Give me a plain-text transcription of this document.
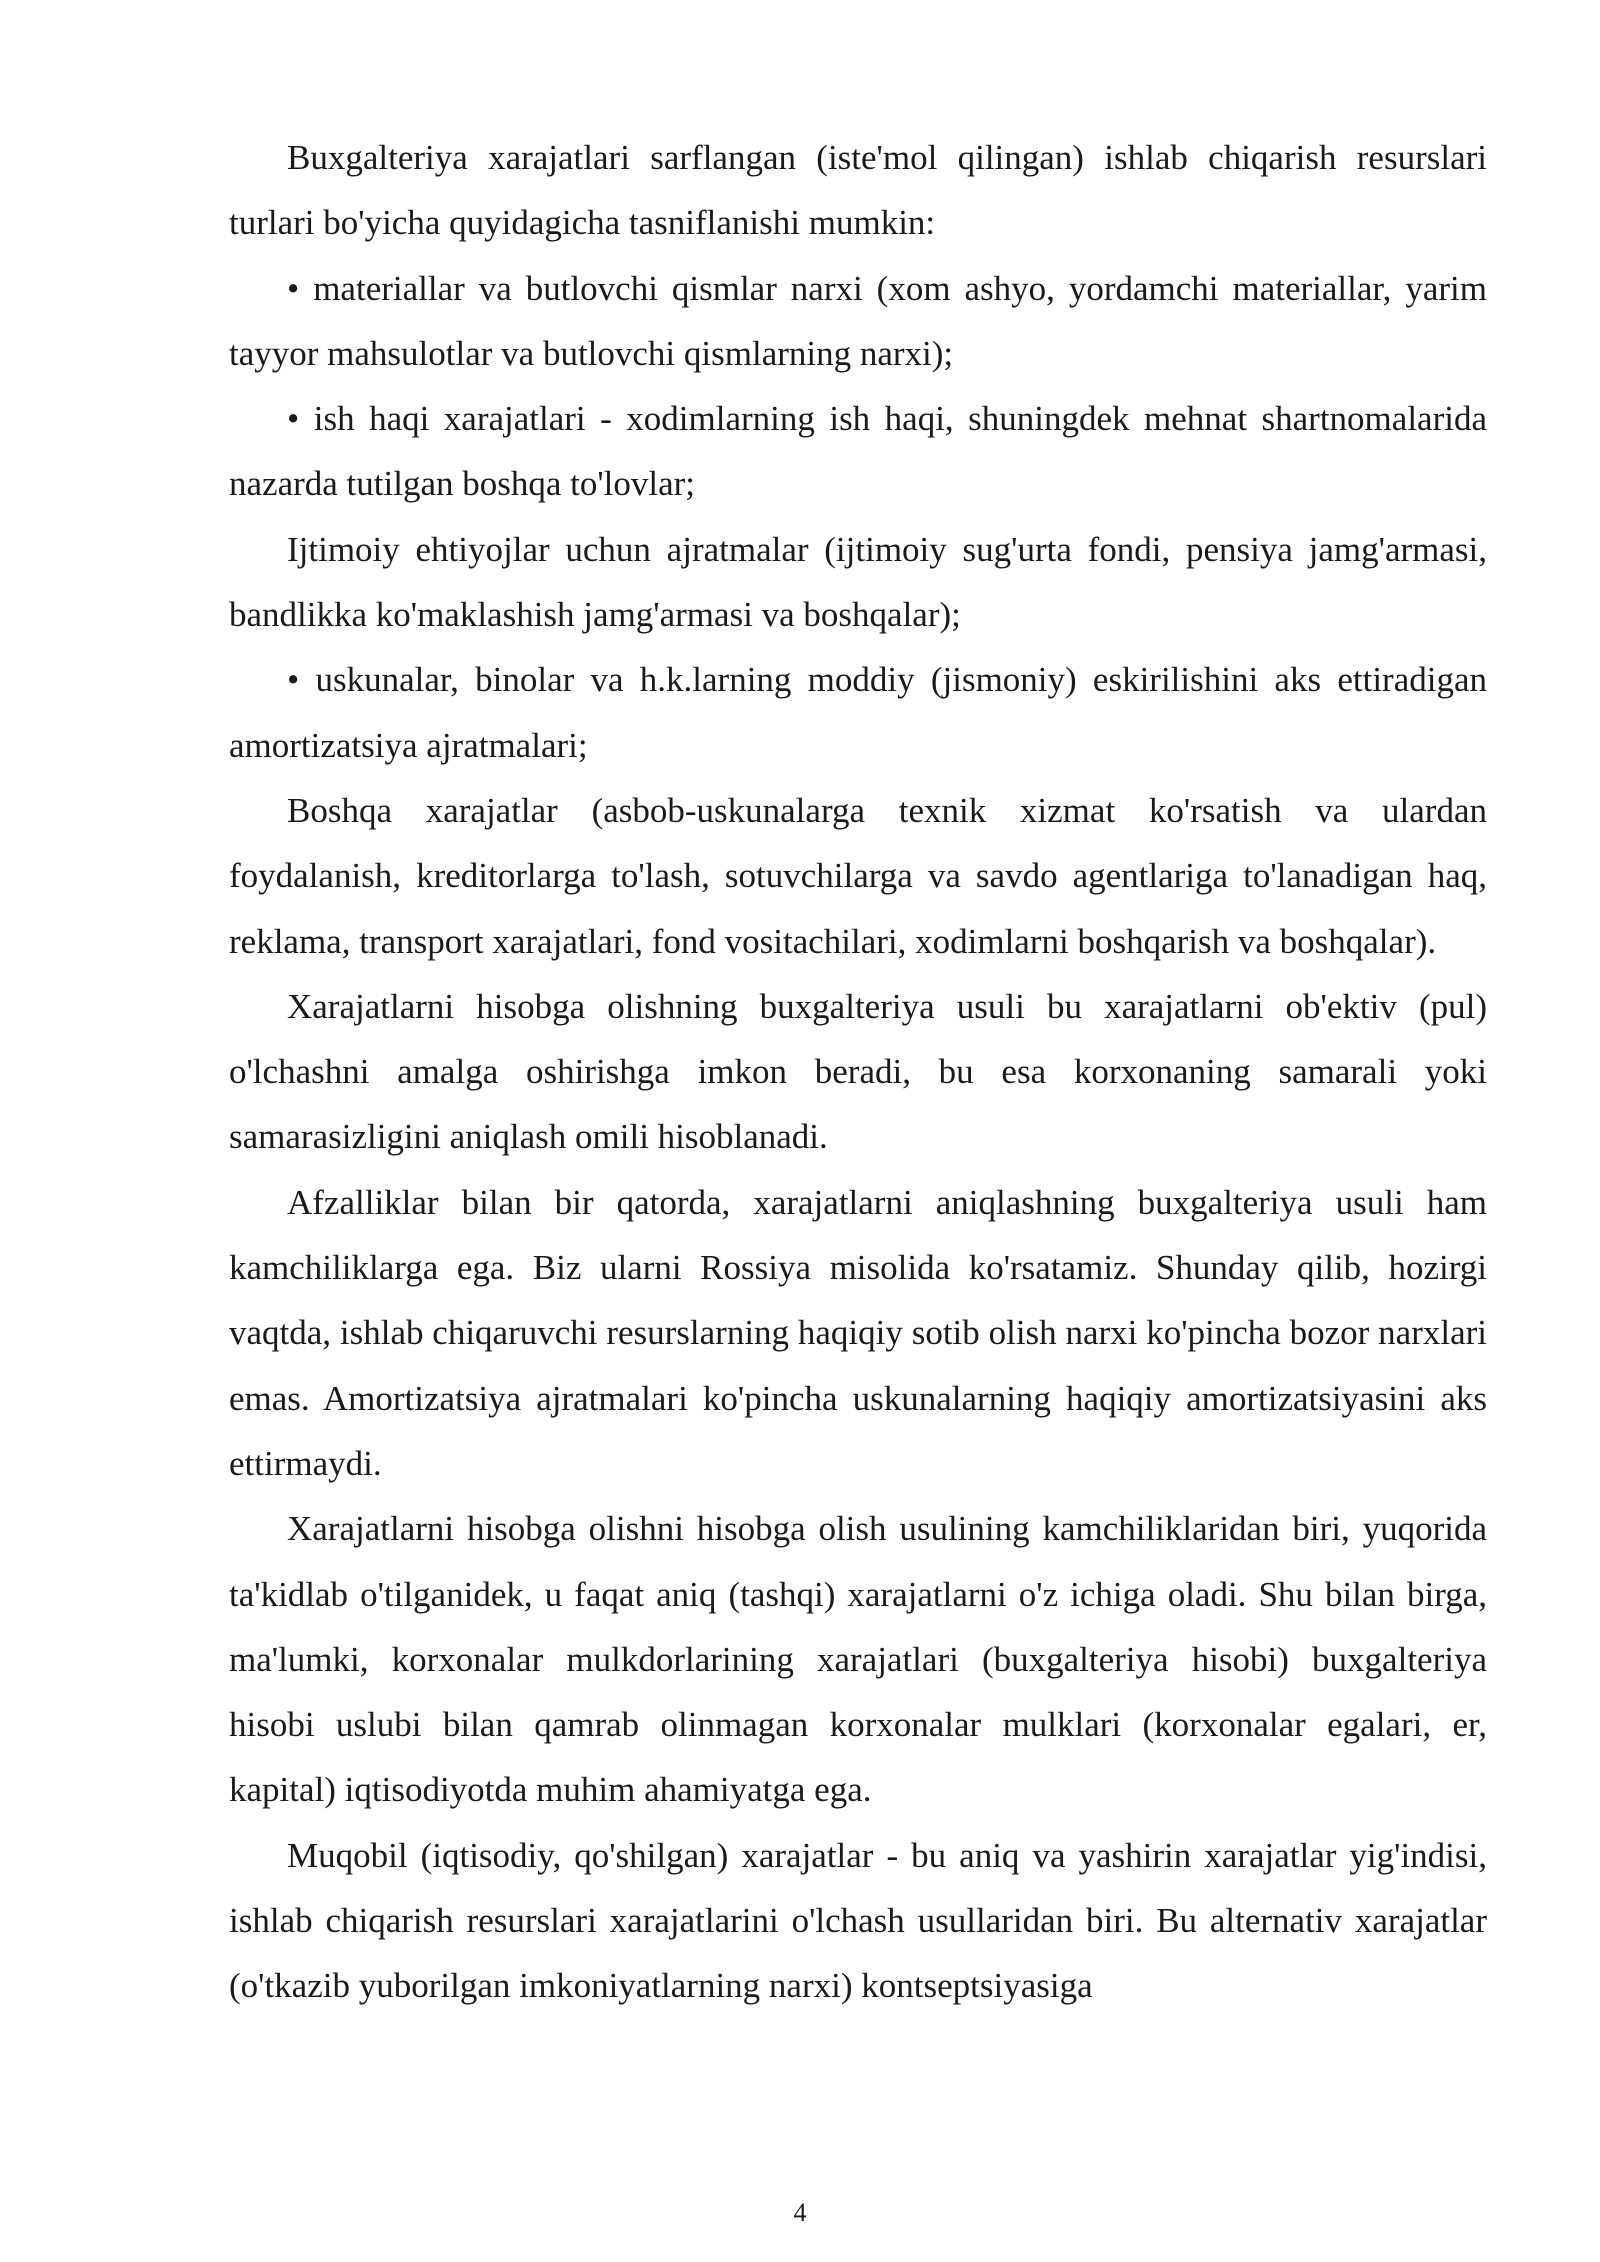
Buxgalteriya xarajatlari sarflangan (iste'mol qilingan) ishlab chiqarish resurslari turlari bo'yicha quyidagicha tasniflanishi mumkin:

• materiallar va butlovchi qismlar narxi (xom ashyo, yordamchi materiallar, yarim tayyor mahsulotlar va butlovchi qismlarning narxi);

• ish haqi xarajatlari - xodimlarning ish haqi, shuningdek mehnat shartnomalarida nazarda tutilgan boshqa to'lovlar;

Ijtimoiy ehtiyojlar uchun ajratmalar (ijtimoiy sug'urta fondi, pensiya jamg'armasi, bandlikka ko'maklashish jamg'armasi va boshqalar);

• uskunalar, binolar va h.k.larning moddiy (jismoniy) eskirilishini aks ettiradigan amortizatsiya ajratmalari;

Boshqa xarajatlar (asbob-uskunalarga texnik xizmat ko'rsatish va ulardan foydalanish, kreditorlarga to'lash, sotuvchilarga va savdo agentlariga to'lanadigan haq, reklama, transport xarajatlari, fond vositachilari, xodimlarni boshqarish va boshqalar).

Xarajatlarni hisobga olishning buxgalteriya usuli bu xarajatlarni ob'ektiv (pul) o'lchashni amalga oshirishga imkon beradi, bu esa korxonaning samarali yoki samarasizligini aniqlash omili hisoblanadi.

Afzalliklar bilan bir qatorda, xarajatlarni aniqlashning buxgalteriya usuli ham kamchiliklarga ega. Biz ularni Rossiya misolida ko'rsatamiz. Shunday qilib, hozirgi vaqtda, ishlab chiqaruvchi resurslarning haqiqiy sotib olish narxi ko'pincha bozor narxlari emas. Amortizatsiya ajratmalari ko'pincha uskunalarning haqiqiy amortizatsiyasini aks ettirmaydi.

Xarajatlarni hisobga olishni hisobga olish usulining kamchiliklaridan biri, yuqorida ta'kidlab o'tilganidek, u faqat aniq (tashqi) xarajatlarni o'z ichiga oladi. Shu bilan birga, ma'lumki, korxonalar mulkdorlarining xarajatlari (buxgalteriya hisobi) buxgalteriya hisobi uslubi bilan qamrab olinmagan korxonalar mulklari (korxonalar egalari, er, kapital) iqtisodiyotda muhim ahamiyatga ega.

Muqobil (iqtisodiy, qo'shilgan) xarajatlar - bu aniq va yashirin xarajatlar yig'indisi, ishlab chiqarish resurslari xarajatlarini o'lchash usullaridan biri. Bu alternativ xarajatlar (o'tkazib yuborilgan imkoniyatlarning narxi) kontseptsiyasiga

4
